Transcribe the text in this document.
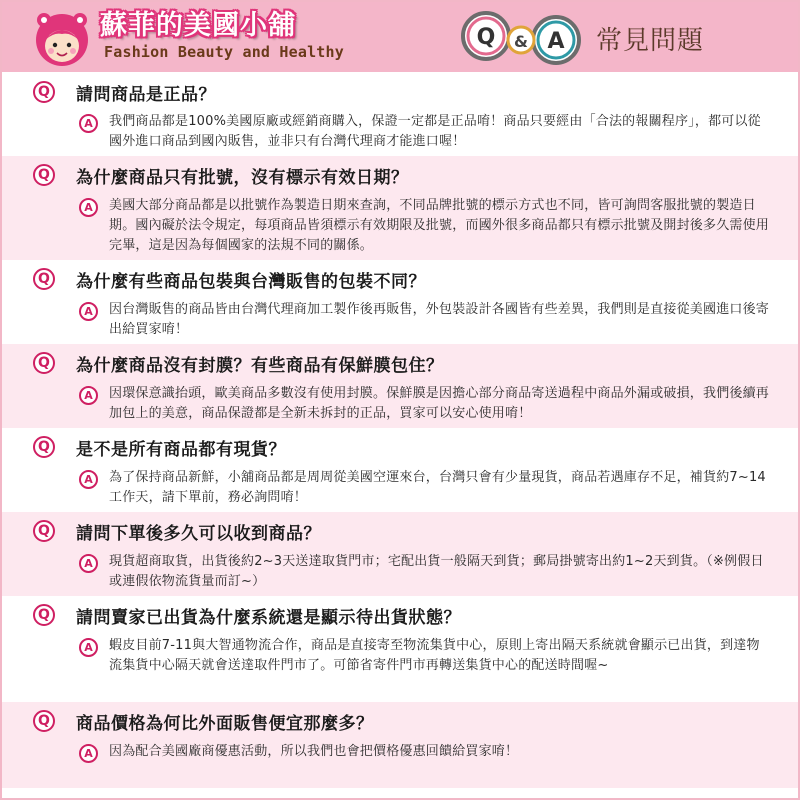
蘇菲的美國小舖
Fashion Beauty and Healthy
Q & A 常見問題
Q 請問商品是正品？
A	我們商品都是100%美國原廠或經銷商購入，保證一定都是正品唷！商品只要經由「合法的報關程序」，都可以從國外進口商品到國內販售，並非只有台灣代理商才能進口喔！
Q 為什麼商品只有批號，沒有標示有效日期？
A	美國大部分商品都是以批號作為製造日期來查詢，不同品牌批號的標示方式也不同，皆可詢問客服批號的製造日期。國內礙於法令規定，每項商品皆須標示有效期限及批號，而國外很多商品都只有標示批號及開封後多久需使用完畢，這是因為每個國家的法規不同的關係。
Q 為什麼有些商品包裝與台灣販售的包裝不同？
A	因台灣販售的商品皆由台灣代理商加工製作後再販售，外包裝設計各國皆有些差異，我們則是直接從美國進口後寄出給買家唷！
Q 為什麼商品沒有封膜？有些商品有保鮮膜包住？
A	因環保意識抬頭，歐美商品多數沒有使用封膜。保鮮膜是因擔心部分商品寄送過程中商品外漏或破損，我們後續再加包上的美意，商品保證都是全新未拆封的正品，買家可以安心使用唷！
Q 是不是所有商品都有現貨？
A	為了保持商品新鮮，小舖商品都是周周從美國空運來台，台灣只會有少量現貨，商品若遇庫存不足，補貨約7~14工作天，請下單前，務必詢問唷！
Q 請問下單後多久可以收到商品？
A	現貨超商取貨，出貨後約2~3天送達取貨門市；宅配出貨一般隔天到貨；郵局掛號寄出約1~2天到貨。（※例假日或連假依物流貨量而訂~）
Q 請問賣家已出貨為什麼系統還是顯示待出貨狀態？
A	蝦皮目前7-11與大智通物流合作，商品是直接寄至物流集貨中心，原則上寄出隔天系統就會顯示已出貨，到達物流集貨中心隔天就會送達取件門市了。可節省寄件門市再轉送集貨中心的配送時間喔~
Q 商品價格為何比外面販售便宜那麼多？
A	因為配合美國廠商優惠活動，所以我們也會把價格優惠回饋給買家唷！
